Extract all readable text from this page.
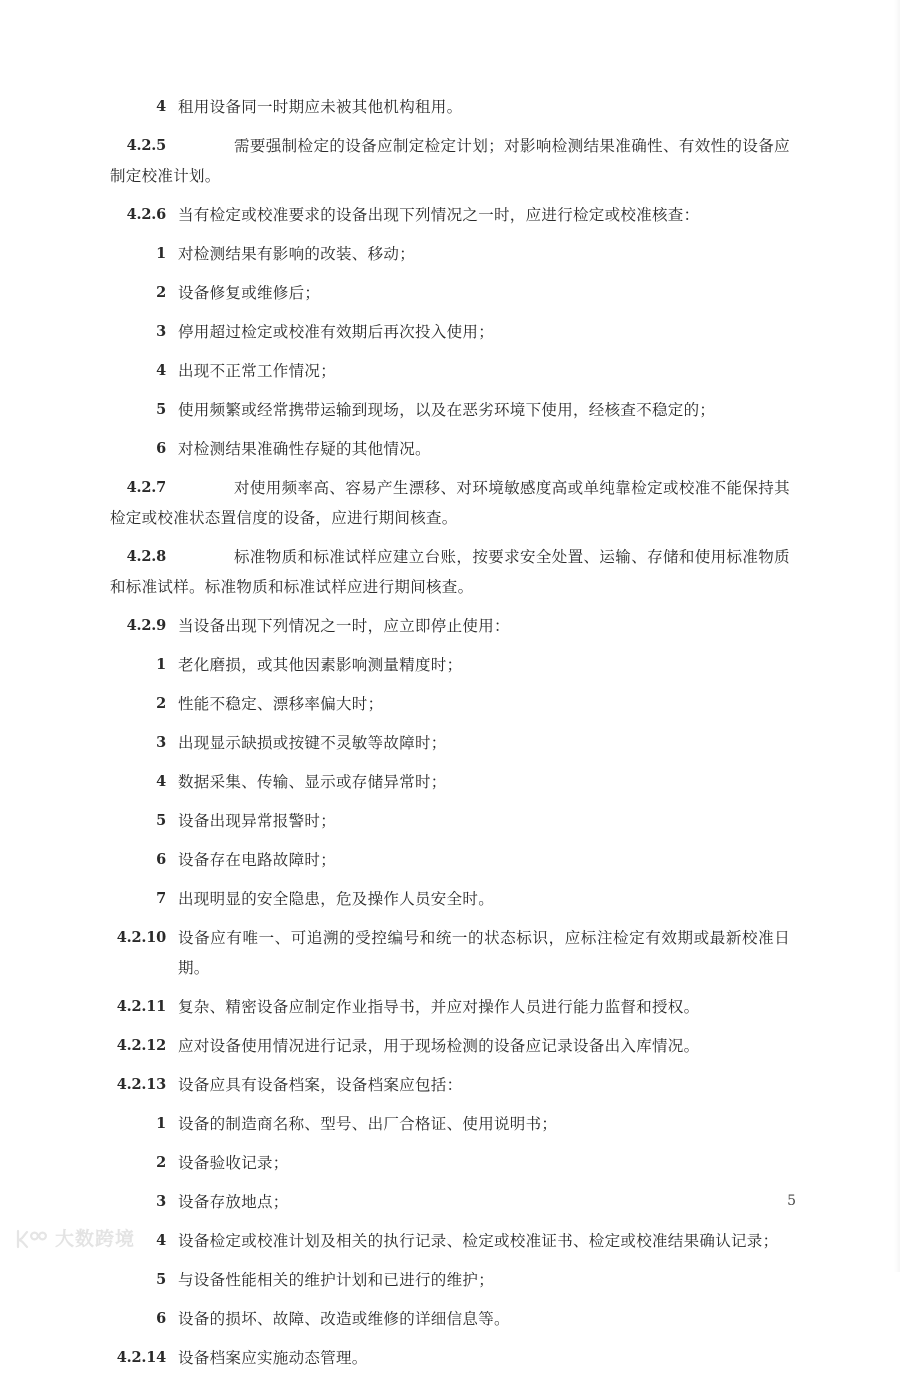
4 租用设备同一时期应未被其他机构租用。
4.2.5	需要强制检定的设备应制定检定计划；对影响检测结果准确性、有效性的设备应制定校准计划。
4.2.6 当有检定或校准要求的设备出现下列情况之一时，应进行检定或校准核查：
1 对检测结果有影响的改装、移动；
2 设备修复或维修后；
3 停用超过检定或校准有效期后再次投入使用；
4 出现不正常工作情况；
5 使用频繁或经常携带运输到现场，以及在恶劣环境下使用，经核查不稳定的；
6 对检测结果准确性存疑的其他情况。
4.2.7	对使用频率高、容易产生漂移、对环境敏感度高或单纯靠检定或校准不能保持其检定或校准状态置信度的设备，应进行期间核查。
4.2.8	标准物质和标准试样应建立台账，按要求安全处置、运输、存储和使用标准物质和标准试样。标准物质和标准试样应进行期间核查。
4.2.9 当设备出现下列情况之一时，应立即停止使用：
1 老化磨损，或其他因素影响测量精度时；
2 性能不稳定、漂移率偏大时；
3 出现显示缺损或按键不灵敏等故障时；
4 数据采集、传输、显示或存储异常时；
5 设备出现异常报警时；
6 设备存在电路故障时；
7 出现明显的安全隐患，危及操作人员安全时。
4.2.10 设备应有唯一、可追溯的受控编号和统一的状态标识，应标注检定有效期或最新校准日期。
4.2.11 复杂、精密设备应制定作业指导书，并应对操作人员进行能力监督和授权。
4.2.12 应对设备使用情况进行记录，用于现场检测的设备应记录设备出入库情况。
4.2.13 设备应具有设备档案，设备档案应包括：
1 设备的制造商名称、型号、出厂合格证、使用说明书；
2 设备验收记录；
3 设备存放地点；
4 设备检定或校准计划及相关的执行记录、检定或校准证书、检定或校准结果确认记录；
5 与设备性能相关的维护计划和已进行的维护；
6 设备的损坏、故障、改造或维修的详细信息等。
4.2.14 设备档案应实施动态管理。
5
大数跨境
